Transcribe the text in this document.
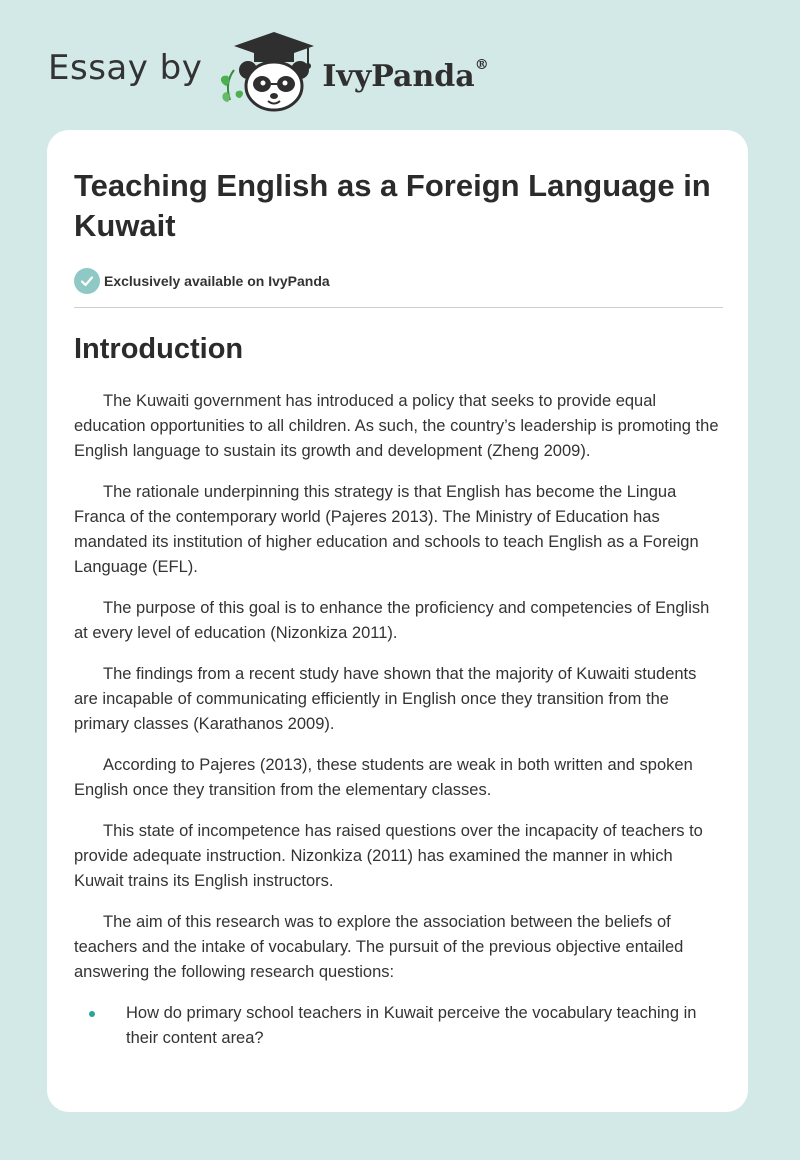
Essay by	IvyPanda®
Teaching English as a Foreign Language in Kuwait
Exclusively available on IvyPanda
Introduction

The Kuwaiti government has introduced a policy that seeks to provide equal education opportunities to all children. As such, the country’s leadership is promoting the English language to sustain its growth and development (Zheng 2009).

The rationale underpinning this strategy is that English has become the Lingua Franca of the contemporary world (Pajeres 2013). The Ministry of Education has mandated its institution of higher education and schools to teach English as a Foreign Language (EFL).

The purpose of this goal is to enhance the proficiency and competencies of English at every level of education (Nizonkiza 2011).

The findings from a recent study have shown that the majority of Kuwaiti students are incapable of communicating efficiently in English once they transition from the primary classes (Karathanos 2009).

According to Pajeres (2013), these students are weak in both written and spoken English once they transition from the elementary classes.

This state of incompetence has raised questions over the incapacity of teachers to provide adequate instruction. Nizonkiza (2011) has examined the manner in which Kuwait trains its English instructors.

The aim of this research was to explore the association between the beliefs of teachers and the intake of vocabulary. The pursuit of the previous objective entailed answering the following research questions:

How do primary school teachers in Kuwait perceive the vocabulary teaching in their content area?
